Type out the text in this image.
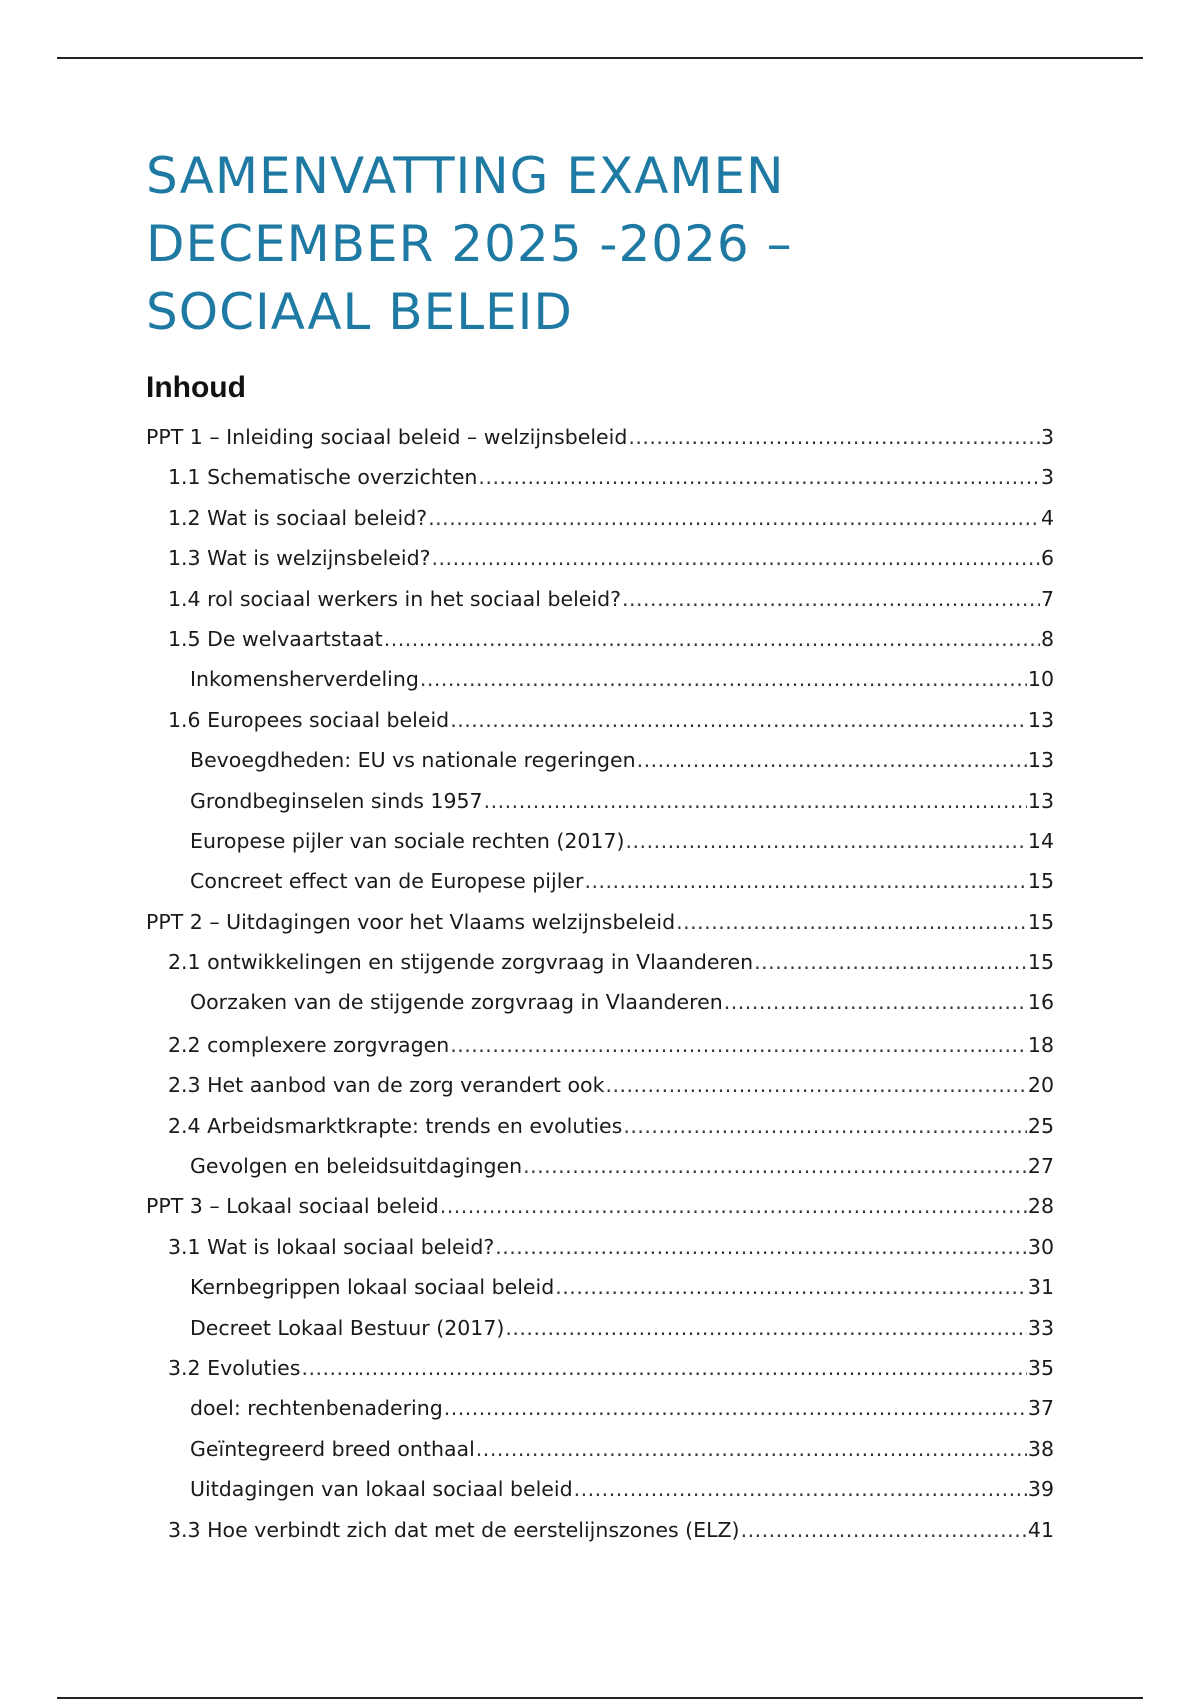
SAMENVATTING EXAMEN
DECEMBER 2025 -2026 –
SOCIAAL BELEID
Inhoud
PPT 1 – Inleiding sociaal beleid – welzijnsbeleid .....	3
1.1 Schematische overzichten .....	3
1.2 Wat is sociaal beleid? .....	4
1.3 Wat is welzijnsbeleid? .....	6
1.4 rol sociaal werkers in het sociaal beleid? .....	7
1.5 De welvaartstaat .....	8
Inkomensherverdeling .....	10
1.6 Europees sociaal beleid .....	13
Bevoegdheden: EU vs nationale regeringen .....	13
Grondbeginselen sinds 1957 .....	13
Europese pijler van sociale rechten (2017) .....	14
Concreet effect van de Europese pijler .....	15
PPT 2 – Uitdagingen voor het Vlaams welzijnsbeleid .....	15
2.1 ontwikkelingen en stijgende zorgvraag in Vlaanderen .....	15
Oorzaken van de stijgende zorgvraag in Vlaanderen .....	16
2.2 complexere zorgvragen .....	18
2.3 Het aanbod van de zorg verandert ook .....	20
2.4 Arbeidsmarktkrapte: trends en evoluties .....	25
Gevolgen en beleidsuitdagingen .....	27
PPT 3 – Lokaal sociaal beleid .....	28
3.1 Wat is lokaal sociaal beleid? .....	30
Kernbegrippen lokaal sociaal beleid .....	31
Decreet Lokaal Bestuur (2017) .....	33
3.2 Evoluties .....	35
doel: rechtenbenadering .....	37
Geïntegreerd breed onthaal .....	38
Uitdagingen van lokaal sociaal beleid .....	39
3.3 Hoe verbindt zich dat met de eerstelijnszones (ELZ) .....	41
